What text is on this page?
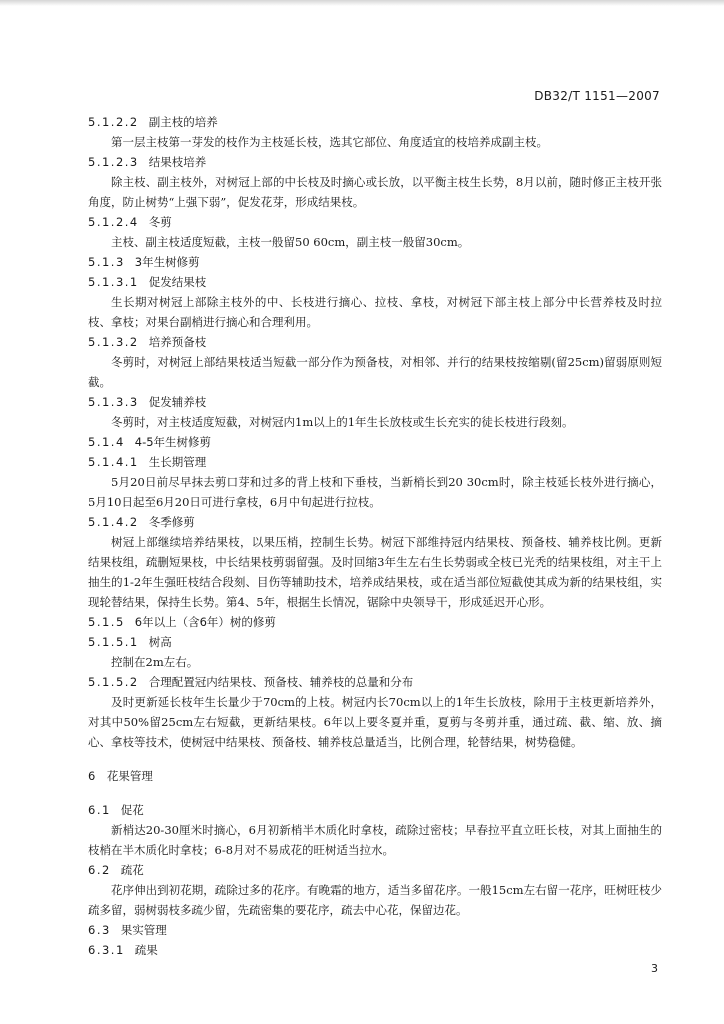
DB32/T 1151—2007
5.1.2.2 副主枝的培养

第一层主枝第一芽发的枝作为主枝延长枝，选其它部位、角度适宜的枝培养成副主枝。

5.1.2.3 结果枝培养

除主枝、副主枝外，对树冠上部的中长枝及时摘心或长放，以平衡主枝生长势，8月以前，随时修正主枝开张角度，防止树势“上强下弱”，促发花芽，形成结果枝。

5.1.2.4 冬剪

主枝、副主枝适度短截，主枝一般留50 60cm，副主枝一般留30cm。

5.1.3 3年生树修剪
5.1.3.1 促发结果枝

生长期对树冠上部除主枝外的中、长枝进行摘心、拉枝、拿枝，对树冠下部主枝上部分中长营养枝及时拉枝、拿枝；对果台副梢进行摘心和合理利用。

5.1.3.2 培养预备枝

冬剪时，对树冠上部结果枝适当短截一部分作为预备枝，对相邻、并行的结果枝按缩剔(留25cm)留弱原则短截。

5.1.3.3 促发辅养枝

冬剪时，对主枝适度短截，对树冠内1m以上的1年生长放枝或生长充实的徒长枝进行段刻。

5.1.4 4-5年生树修剪
5.1.4.1 生长期管理

5月20日前尽早抹去剪口芽和过多的背上枝和下垂枝，当新梢长到20 30cm时，除主枝延长枝外进行摘心，5月10日起至6月20日可进行拿枝，6月中旬起进行拉枝。

5.1.4.2 冬季修剪

树冠上部继续培养结果枝，以果压梢，控制生长势。树冠下部维持冠内结果枝、预备枝、辅养枝比例。更新结果枝组，疏删短果枝，中长结果枝剪弱留强。及时回缩3年生左右生长势弱或全枝已光秃的结果枝组，对主干上抽生的1-2年生强旺枝结合段刻、目伤等辅助技术，培养成结果枝，或在适当部位短截使其成为新的结果枝组，实现轮替结果，保持生长势。第4、5年，根据生长情况，锯除中央领导干，形成延迟开心形。

5.1.5 6年以上（含6年）树的修剪
5.1.5.1 树高

控制在2m左右。

5.1.5.2 合理配置冠内结果枝、预备枝、辅养枝的总量和分布

及时更新延长枝年生长量少于70cm的上枝。树冠内长70cm以上的1年生长放枝，除用于主枝更新培养外，对其中50%留25cm左右短截，更新结果枝。6年以上要冬夏并重，夏剪与冬剪并重，通过疏、截、缩、放、摘心、拿枝等技术，使树冠中结果枝、预备枝、辅养枝总量适当，比例合理，轮替结果，树势稳健。

6 花果管理
6.1 促花

新梢达20-30厘米时摘心，6月初新梢半木质化时拿枝，疏除过密枝；早春拉平直立旺长枝，对其上面抽生的枝梢在半木质化时拿枝；6-8月对不易成花的旺树适当拉水。

6.2 疏花

花序伸出到初花期，疏除过多的花序。有晚霜的地方，适当多留花序。一般15cm左右留一花序，旺树旺枝少疏多留，弱树弱枝多疏少留，先疏密集的要花序，疏去中心花，保留边花。

6.3 果实管理
6.3.1 疏果
3
